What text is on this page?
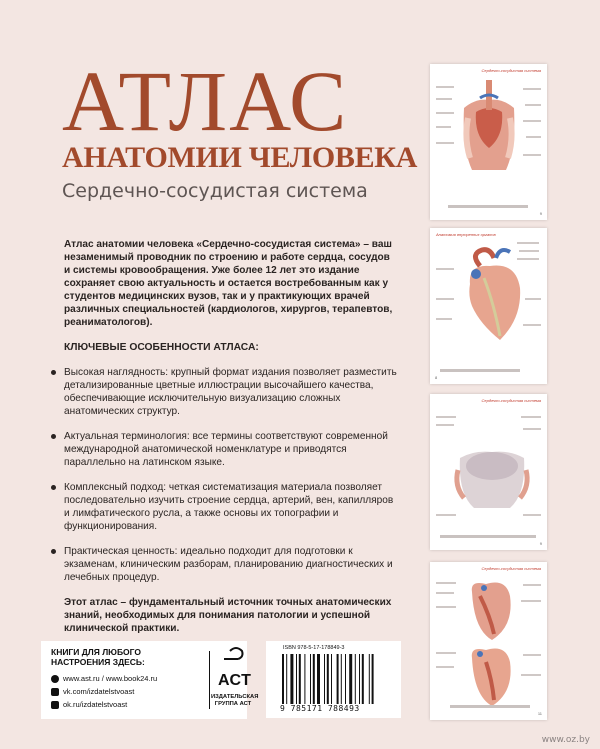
АТЛАС
АНАТОМИИ ЧЕЛОВЕКА
Сердечно-сосудистая система

Атлас анатомии человека «Сердечно-сосудистая система» – ваш незаменимый проводник по строению и работе сердца, сосудов и системы кровообращения. Уже более 12 лет это издание сохраняет свою актуальность и остается востребованным как у студентов медицинских вузов, так и у практикующих врачей различных специальностей (кардиологов, хирургов, терапевтов, реаниматологов).

КЛЮЧЕВЫЕ ОСОБЕННОСТИ АТЛАСА:

Высокая наглядность: крупный формат издания позволяет разместить детализированные цветные иллюстрации высочайшего качества, обеспечивающие исключительную визуализацию сложных анатомических структур.

Актуальная терминология: все термины соответствуют современной международной анатомической номенклатуре и приводятся параллельно на латинском языке.

Комплексный подход: четкая систематизация материала позволяет последовательно изучить строение сердца, артерий, вен, капилляров и лимфатического русла, а также основы их топографии и функционирования.

Практическая ценность: идеально подходит для подготовки к экзаменам, клиническим разборам, планированию диагностических и лечебных процедур.

Этот атлас – фундаментальный источник точных анатомических знаний, необходимых для понимания патологии и успешной клинической практики.

Сердечно-сосудистая система
9
Анатомия внутренних органов
8
Сердечно-сосудистая система
9
Сердечно-сосудистая система
11
КНИГИ ДЛЯ ЛЮБОГО НАСТРОЕНИЯ ЗДЕСЬ:
www.ast.ru / www.book24.ru
vk.com/izdatelstvoast
ok.ru/izdatelstvoast
ACT
ИЗДАТЕЛЬСКАЯ ГРУППА АСТ
ISBN 978-5-17-178849-3
9 785171 788493
www.oz.by
